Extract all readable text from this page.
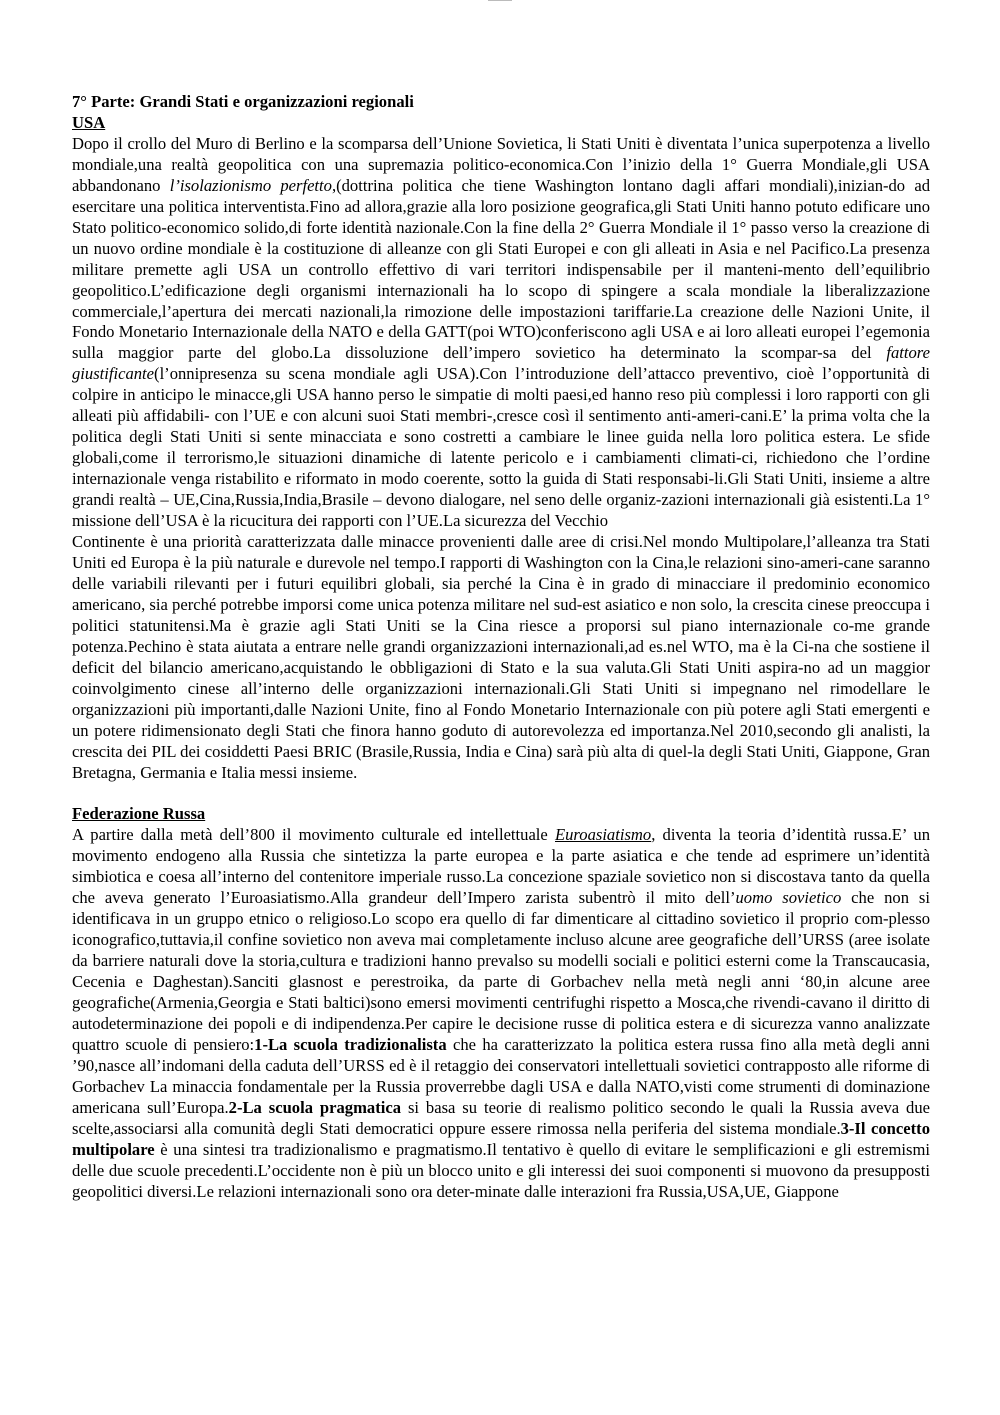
7° Parte: Grandi Stati e organizzazioni regionali
USA

Dopo il crollo del Muro di Berlino e la scomparsa dell’Unione Sovietica, li Stati Uniti è diventata l’unica superpotenza a livello mondiale,una realtà geopolitica con una supremazia politico-economica.Con l’inizio della 1° Guerra Mondiale,gli USA abbandonano l’isolazionismo perfetto,(dottrina politica che tiene Washington lontano dagli affari mondiali),inizian-do ad esercitare una politica interventista.Fino ad allora,grazie alla loro posizione geografica,gli Stati Uniti hanno potuto edificare uno Stato politico-economico solido,di forte identità nazionale.Con la fine della 2° Guerra Mondiale il 1° passo verso la creazione di un nuovo ordine mondiale è la costituzione di alleanze con gli Stati Europei e con gli alleati in Asia e nel Pacifico.La presenza militare premette agli USA un controllo effettivo di vari territori indispensabile per il manteni-mento dell’equilibrio geopolitico.L’edificazione degli organismi internazionali ha lo scopo di spingere a scala mondiale la liberalizzazione commerciale,l’apertura dei mercati nazionali,la rimozione delle impostazioni tariffarie.La creazione delle Nazioni Unite, il Fondo Monetario Internazionale della NATO e della GATT(poi WTO)conferiscono agli USA e ai loro alleati europei l’egemonia sulla maggior parte del globo.La dissoluzione dell’impero sovietico ha determinato la scompar-sa del fattore giustificante(l’onnipresenza su scena mondiale agli USA).Con l’introduzione dell’attacco preventivo, cioè l’opportunità di colpire in anticipo le minacce,gli USA hanno perso le simpatie di molti paesi,ed hanno reso più complessi i loro rapporti con gli alleati più affidabili- con l’UE e con alcuni suoi Stati membri-,cresce così il sentimento anti-ameri-cani.E’ la prima volta che la politica degli Stati Uniti si sente minacciata e sono costretti a cambiare le linee guida nella loro politica estera. Le sfide globali,come il terrorismo,le situazioni dinamiche di latente pericolo e i cambiamenti climati-ci, richiedono che l’ordine internazionale venga ristabilito e riformato in modo coerente, sotto la guida di Stati responsabi-li.Gli Stati Uniti, insieme a altre grandi realtà – UE,Cina,Russia,India,Brasile – devono dialogare, nel seno delle organiz-zazioni internazionali già esistenti.La 1° missione dell’USA è la ricucitura dei rapporti con l’UE.La sicurezza del Vecchio

Continente è una priorità caratterizzata dalle minacce provenienti dalle aree di crisi.Nel mondo Multipolare,l’alleanza tra Stati Uniti ed Europa è la più naturale e durevole nel tempo.I rapporti di Washington con la Cina,le relazioni sino-ameri-cane saranno delle variabili rilevanti per i futuri equilibri globali, sia perché la Cina è in grado di minacciare il predominio economico americano, sia perché potrebbe imporsi come unica potenza militare nel sud-est asiatico e non solo, la crescita cinese preoccupa i politici statunitensi.Ma è grazie agli Stati Uniti se la Cina riesce a proporsi sul piano internazionale co-me grande potenza.Pechino è stata aiutata a entrare nelle grandi organizzazioni internazionali,ad es.nel WTO, ma è la Ci-na che sostiene il deficit del bilancio americano,acquistando le obbligazioni di Stato e la sua valuta.Gli Stati Uniti aspira-no ad un maggior coinvolgimento cinese all’interno delle organizzazioni internazionali.Gli Stati Uniti si impegnano nel rimodellare le organizzazioni più importanti,dalle Nazioni Unite, fino al Fondo Monetario Internazionale con più potere agli Stati emergenti e un potere ridimensionato degli Stati che finora hanno goduto di autorevolezza ed importanza.Nel 2010,secondo gli analisti, la crescita dei PIL dei cosiddetti Paesi BRIC (Brasile,Russia, India e Cina) sarà più alta di quel-la degli Stati Uniti, Giappone, Gran Bretagna, Germania e Italia messi insieme.

Federazione Russa

A partire dalla metà dell’800 il movimento culturale ed intellettuale Euroasiatismo, diventa la teoria d’identità russa.E’ un movimento endogeno alla Russia che sintetizza la parte europea e la parte asiatica e che tende ad esprimere un’identità simbiotica e coesa all’interno del contenitore imperiale russo.La concezione spaziale sovietico non si discostava tanto da quella che aveva generato l’Euroasiatismo.Alla grandeur dell’Impero zarista subentrò il mito dell’uomo sovietico che non si identificava in un gruppo etnico o religioso.Lo scopo era quello di far dimenticare al cittadino sovietico il proprio com-plesso iconografico,tuttavia,il confine sovietico non aveva mai completamente incluso alcune aree geografiche dell’URSS (aree isolate da barriere naturali dove la storia,cultura e tradizioni hanno prevalso su modelli sociali e politici esterni come la Transcaucasia, Cecenia e Daghestan).Sanciti glasnost e perestroika, da parte di Gorbachev nella metà negli anni ‘80,in alcune aree geografiche(Armenia,Georgia e Stati baltici)sono emersi movimenti centrifughi rispetto a Mosca,che rivendi-cavano il diritto di autodeterminazione dei popoli e di indipendenza.Per capire le decisione russe di politica estera e di sicurezza vanno analizzate quattro scuole di pensiero:1-La scuola tradizionalista che ha caratterizzato la politica estera russa fino alla metà degli anni ’90,nasce all’indomani della caduta dell’URSS ed è il retaggio dei conservatori intellettuali sovietici contrapposto alle riforme di Gorbachev La minaccia fondamentale per la Russia proverrebbe dagli USA e dalla NATO,visti come strumenti di dominazione americana sull’Europa.2-La scuola pragmatica si basa su teorie di realismo politico secondo le quali la Russia aveva due scelte,associarsi alla comunità degli Stati democratici oppure essere rimossa nella periferia del sistema mondiale.3-Il concetto multipolare è una sintesi tra tradizionalismo e pragmatismo.Il tentativo è quello di evitare le semplificazioni e gli estremismi delle due scuole precedenti.L’occidente non è più un blocco unito e gli interessi dei suoi componenti si muovono da presupposti geopolitici diversi.Le relazioni internazionali sono ora deter-minate dalle interazioni fra Russia,USA,UE, Giappone
